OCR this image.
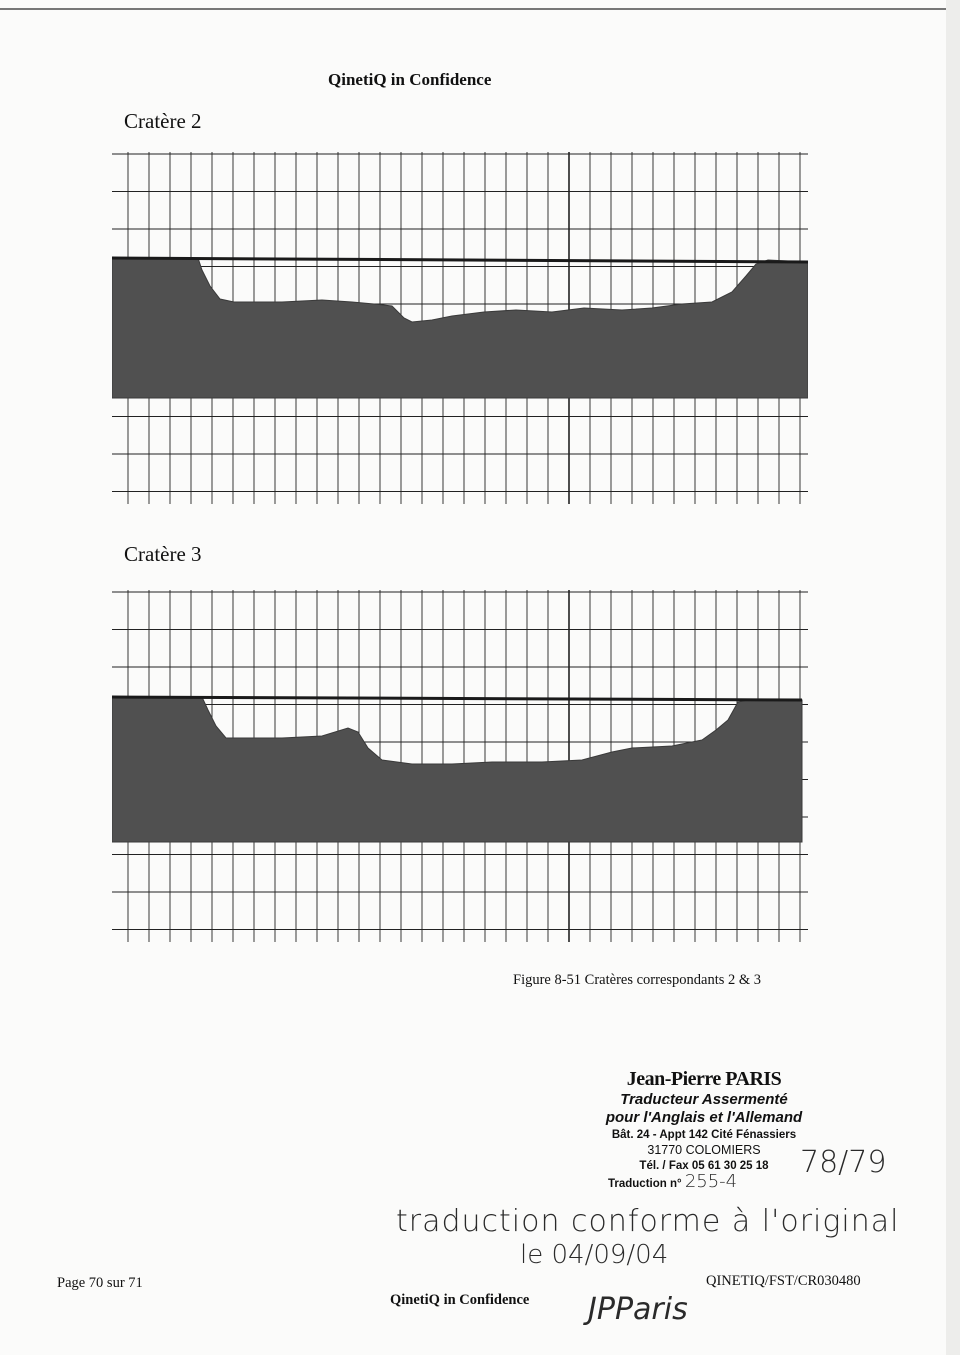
QinetiQ in Confidence
Cratère 2
Cratère 3
Figure 8-51 Cratères correspondants 2 & 3
Jean-Pierre PARIS
Traducteur Assermenté
pour l'Anglais et l'Allemand
Bât. 24 - Appt 142 Cité Fénassiers
31770 COLOMIERS
Tél. / Fax 05 61 30 25 18
Traduction n° 255-4
78/79
traduction conforme à l'original
le 04/09/04
JPParis
Page 70 sur 71
QinetiQ in Confidence
QINETIQ/FST/CR030480
